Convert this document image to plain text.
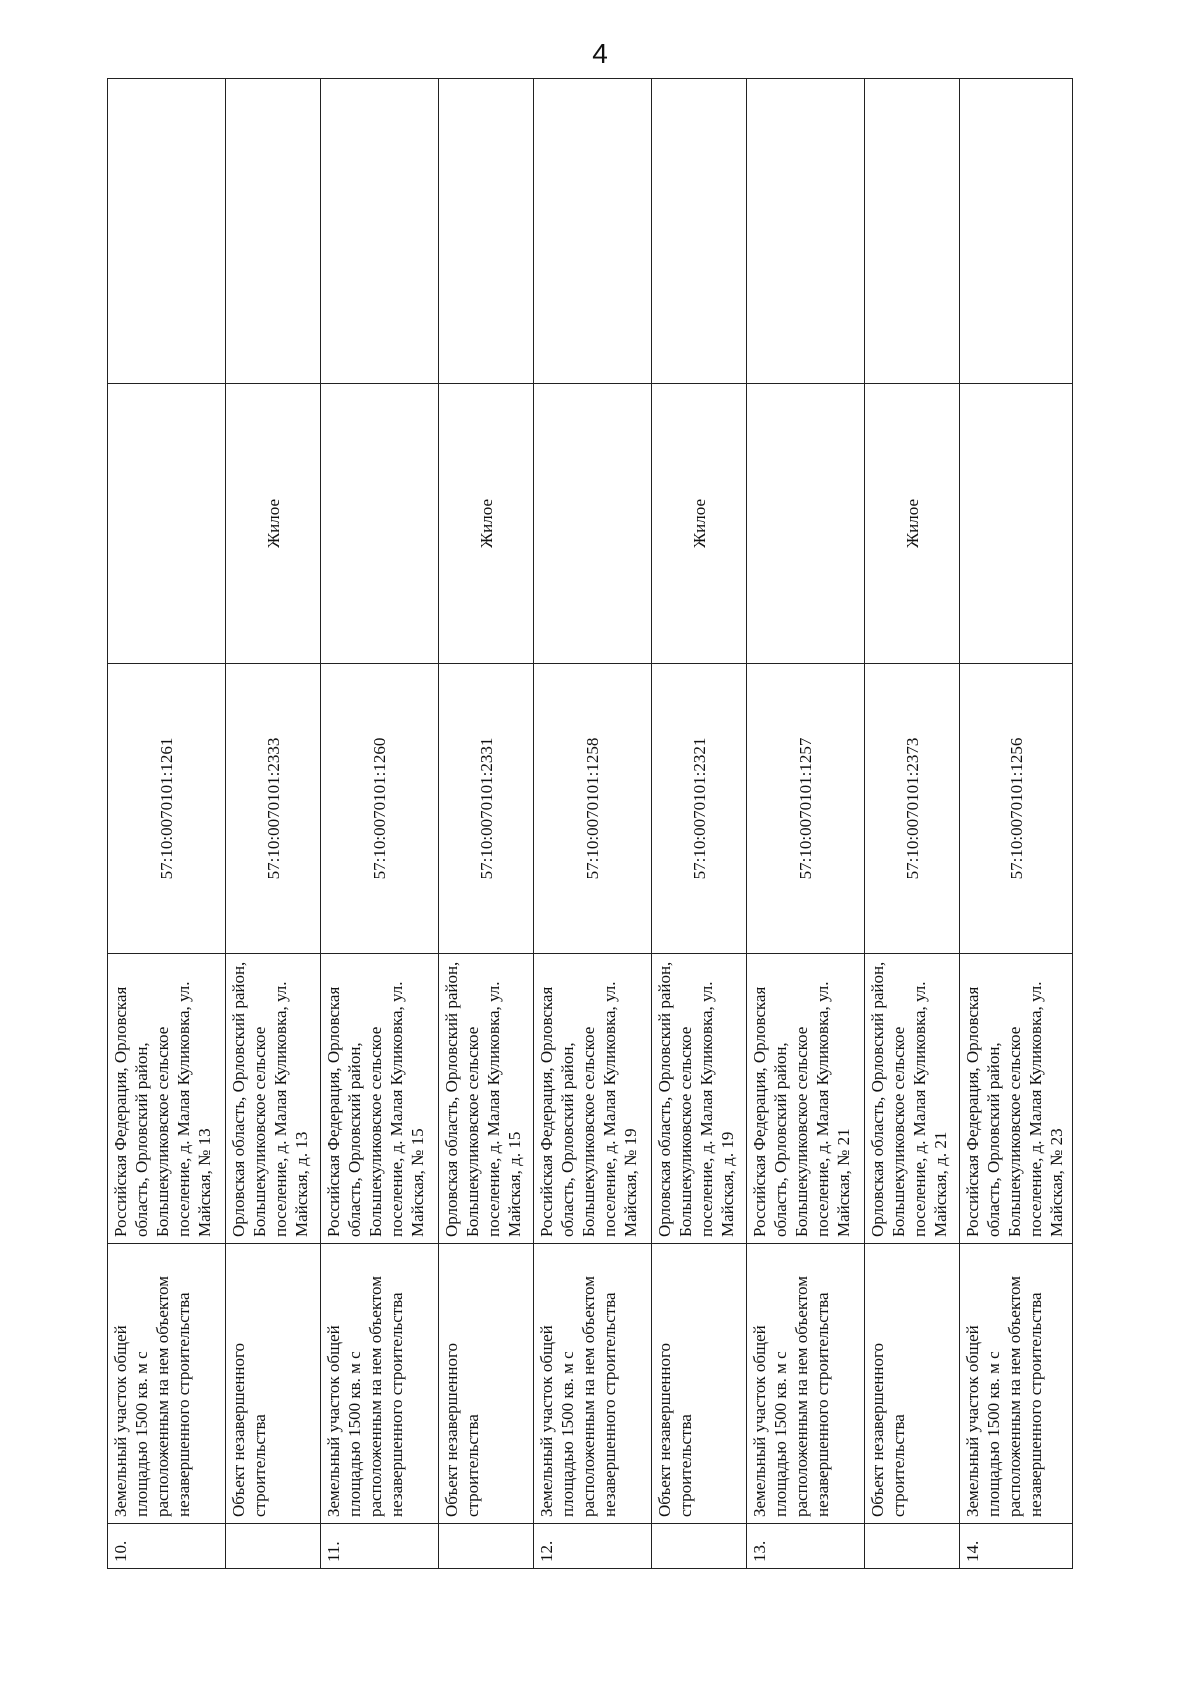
4
10.	Земельный участок общей площадью 1500 кв. м с расположенным на нем объектом незавершенного строительства	Российская Федерация, Орловская область, Орловский район, Большекуликовское сельское поселение, д. Малая Куликовка, ул. Майская, № 13	57:10:0070101:1261		
	Объект незавершенного строительства	Орловская область, Орловский район, Большекуликовское сельское поселение, д. Малая Куликовка, ул. Майская, д. 13	57:10:0070101:2333	Жилое	
11.	Земельный участок общей площадью 1500 кв. м с расположенным на нем объектом незавершенного строительства	Российская Федерация, Орловская область, Орловский район, Большекуликовское сельское поселение, д. Малая Куликовка, ул. Майская, № 15	57:10:0070101:1260		
	Объект незавершенного строительства	Орловская область, Орловский район, Большекуликовское сельское поселение, д. Малая Куликовка, ул. Майская, д. 15	57:10:0070101:2331	Жилое	
12.	Земельный участок общей площадью 1500 кв. м с расположенным на нем объектом незавершенного строительства	Российская Федерация, Орловская область, Орловский район, Большекуликовское сельское поселение, д. Малая Куликовка, ул. Майская, № 19	57:10:0070101:1258		
	Объект незавершенного строительства	Орловская область, Орловский район, Большекуликовское сельское поселение, д. Малая Куликовка, ул. Майская, д. 19	57:10:0070101:2321	Жилое	
13.	Земельный участок общей площадью 1500 кв. м с расположенным на нем объектом незавершенного строительства	Российская Федерация, Орловская область, Орловский район, Большекуликовское сельское поселение, д. Малая Куликовка, ул. Майская, № 21	57:10:0070101:1257		
	Объект незавершенного строительства	Орловская область, Орловский район, Большекуликовское сельское поселение, д. Малая Куликовка, ул. Майская, д. 21	57:10:0070101:2373	Жилое	
14.	Земельный участок общей площадью 1500 кв. м с расположенным на нем объектом незавершенного строительства	Российская Федерация, Орловская область, Орловский район, Большекуликовское сельское поселение, д. Малая Куликовка, ул. Майская, № 23	57:10:0070101:1256		
